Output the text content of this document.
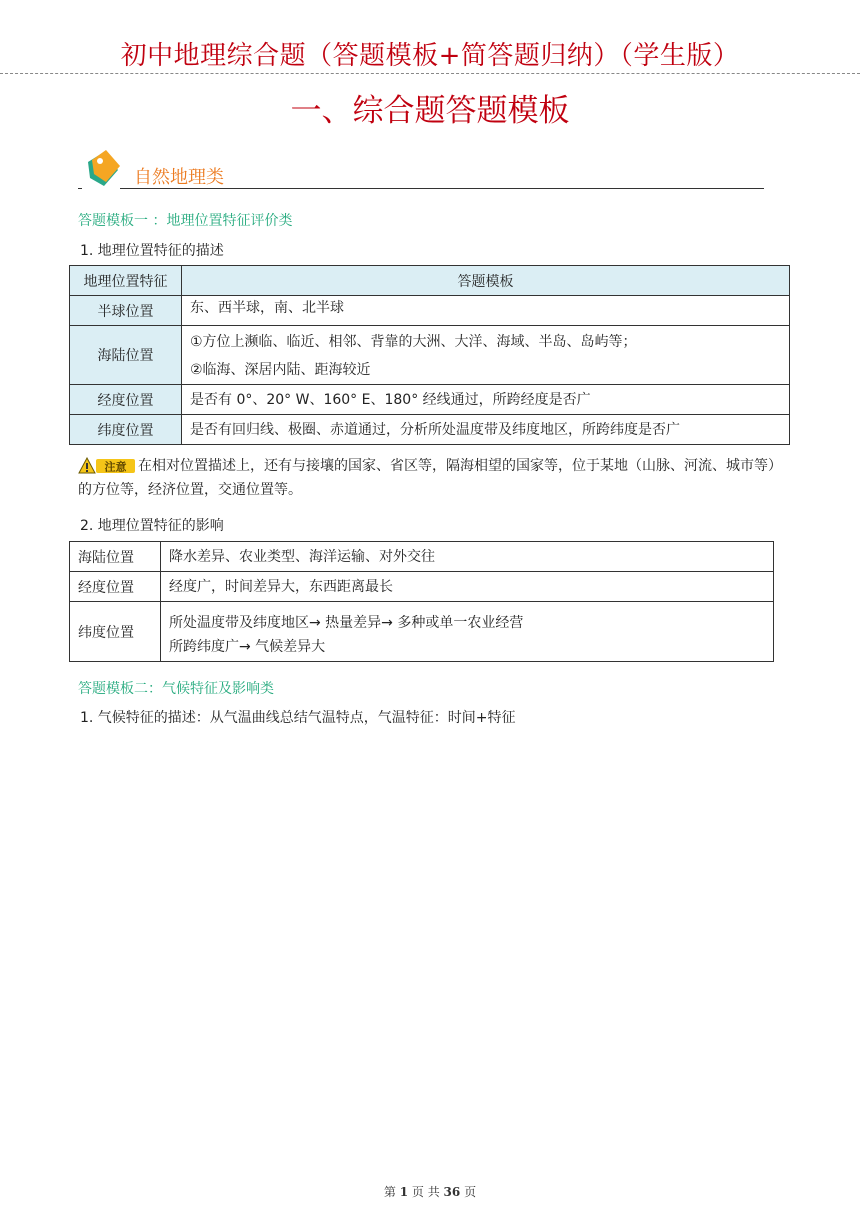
初中地理综合题（答题模板+简答题归纳）（学生版）
一、综合题答题模板
自然地理类
答题模板一 ：地理位置特征评价类
1. 地理位置特征的描述
地理位置特征	答题模板
半球位置	东、西半球，南、北半球

海陆位置	①方位上濒临、临近、相邻、背靠的大洲、大洋、海域、半岛、岛屿等；
②临海、深居内陆、距海较近

经度位置	是否有 0°、20° W、160° E、180° 经线通过，所跨经度是否广

纬度位置	是否有回归线、极圈、赤道通过，分析所处温度带及纬度地区，所跨纬度是否广
注意 在相对位置描述上，还有与接壤的国家、省区等，隔海相望的国家等，位于某地（山脉、河流、城市等）的方位等，经济位置，交通位置等。
2. 地理位置特征的影响
海陆位置	降水差异、农业类型、海洋运输、对外交往

经度位置	经度广，时间差异大，东西距离最长

纬度位置	所处温度带及纬度地区→ 热量差异→ 多种或单一农业经营
所跨纬度广→ 气候差异大
答题模板二：气候特征及影响类
1. 气候特征的描述：从气温曲线总结气温特点，气温特征：时间+特征
第 1 页 共 36 页
